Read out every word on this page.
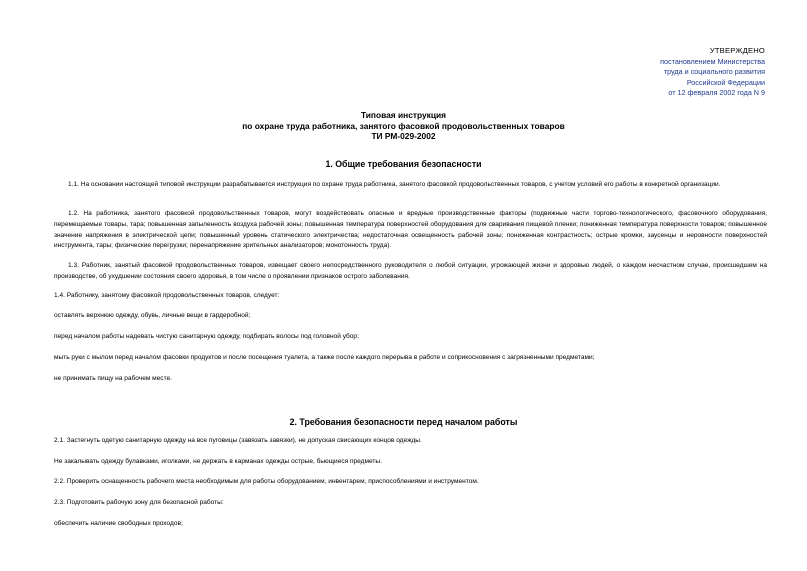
УТВЕРЖДЕНО
постановлением Министерства
труда и социального развития
Российской Федерации
от 12 февраля 2002 года N 9
Типовая инструкция
по охране труда работника, занятого фасовкой продовольственных товаров
ТИ РМ-029-2002
1. Общие требования безопасности
1.1. На основании настоящей типовой инструкции разрабатывается инструкция по охране труда работника, занятого фасовкой продовольственных товаров, с учетом условий его работы в конкретной организации.
1.2. На работника, занятого фасовкой продовольственных товаров, могут воздействовать опасные и вредные производственные факторы (подвижные части торгово-технологического, фасовочного оборудования, перемещаемые товары, тара; повышенная запыленность воздуха рабочей зоны; повышенная температура поверхностей оборудования для сваривания пищевой пленки; пониженная температура поверхности товаров; повышенное значение напряжения в электрической цепи; повышенный уровень статического электричества; недостаточная освещенность рабочей зоны; пониженная контрастность; острые кромки, заусенцы и неровности поверхностей инструмента, тары; физические перегрузки; перенапряжение зрительных анализаторов; монотонность труда).
1.3. Работник, занятый фасовкой продовольственных товаров, извещает своего непосредственного руководителя о любой ситуации, угрожающей жизни и здоровью людей, о каждом несчастном случае, происшедшем на производстве, об ухудшении состояния своего здоровья, в том числе о проявлении признаков острого заболевания.
1.4. Работнику, занятому фасовкой продовольственных товаров, следует:
оставлять верхнюю одежду, обувь, личные вещи в гардеробной;
перед началом работы надевать чистую санитарную одежду, подбирать волосы под головной убор;
мыть руки с мылом перед началом фасовки продуктов и после посещения туалета, а также после каждого перерыва в работе и соприкосновения с загрязненными предметами;
не принимать пищу на рабочем месте.
2. Требования безопасности перед началом работы
2.1. Застегнуть одетую санитарную одежду на все пуговицы (завязать завязки), не допуская свисающих концов одежды.
Не закалывать одежду булавками, иголками, не держать в карманах одежды острые, бьющиеся предметы.
2.2. Проверить оснащенность рабочего места необходимым для работы оборудованием, инвентарем, приспособлениями и инструментом.
2.3. Подготовить рабочую зону для безопасной работы:
обеспечить наличие свободных проходов;
